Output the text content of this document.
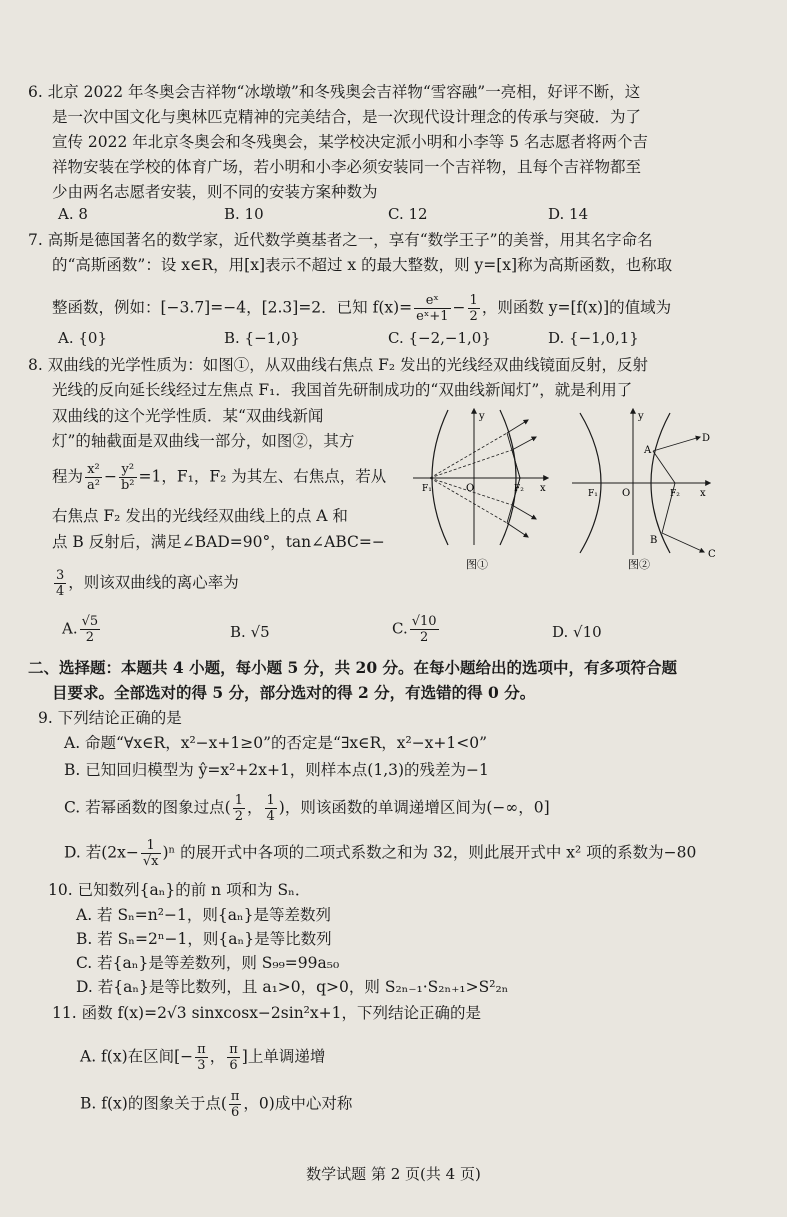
6. 北京 2022 年冬奥会吉祥物“冰墩墩”和冬残奥会吉祥物“雪容融”一亮相，好评不断，这
是一次中国文化与奥林匹克精神的完美结合，是一次现代设计理念的传承与突破．为了
宣传 2022 年北京冬奥会和冬残奥会，某学校决定派小明和小李等 5 名志愿者将两个吉
祥物安装在学校的体育广场，若小明和小李必须安装同一个吉祥物，且每个吉祥物都至
少由两名志愿者安装，则不同的安装方案种数为
A. 8	B. 10	C. 12	D. 14
7. 高斯是德国著名的数学家，近代数学奠基者之一，享有“数学王子”的美誉，用其名字命名
的“高斯函数”：设 x∈R，用[x]表示不超过 x 的最大整数，则 y=[x]称为高斯函数，也称取
整函数，例如：[−3.7]=−4，[2.3]=2．已知 $f(x)= \frac{\text{eˣ}}{\text{eˣ+1}} - \frac{1}{2}$ ，则函数 y=[f(x)]的值域为
A. {0}	B. {−1,0}	C. {−2,−1,0}	D. {−1,0,1}
8. 双曲线的光学性质为：如图①，从双曲线右焦点 F₂ 发出的光线经双曲线镜面反射，反射
光线的反向延长线经过左焦点 F₁．我国首先研制成功的“双曲线新闻灯”，就是利用了
双曲线的这个光学性质．某“双曲线新闻
灯”的轴截面是双曲线一部分，如图②，其方
程为 $\frac{\text{x²}}{\text{a²}} - \frac{\text{y²}}{\text{b²}} =1$，F₁，F₂ 为其左、右焦点，若从
右焦点 F₂ 发出的光线经双曲线上的点 A 和
点 B 反射后，满足∠BAD=90°，tan∠ABC=−
$\frac{3}{4}$ ，则该双曲线的离心率为
y
x
O
F₁	F₂
图①
y
x
O
F₁	F₂
A
B
C
D
图②
A. $\frac{√5}{2}$	B. √5	C. $\frac{√10}{2}$	D. √10
二、选择题：本题共 4 小题，每小题 5 分，共 20 分。在每小题给出的选项中，有多项符合题
目要求。全部选对的得 5 分，部分选对的得 2 分，有选错的得 0 分。
9. 下列结论正确的是
A. 命题“∀x∈R，x²−x+1≥0”的否定是“∃x∈R，x²−x+1<0”
B. 已知回归模型为 ŷ=x²+2x+1，则样本点(1,3)的残差为−1
C. 若幂函数的图象过点( $\frac{1}{2}$ ， $\frac{1}{4}$ )，则该函数的单调递增区间为(−∞，0]
D. 若$(2x- \frac{1}{√x} )^n$ 的展开式中各项的二项式系数之和为 32，则此展开式中 x² 项的系数为−80
10. 已知数列{aₙ}的前 n 项和为 Sₙ．
A. 若 Sₙ=n²−1，则{aₙ}是等差数列
B. 若 Sₙ=2ⁿ−1，则{aₙ}是等比数列
C. 若{aₙ}是等差数列，则 S₉₉=99a₅₀
D. 若{aₙ}是等比数列，且 a₁>0，q>0，则 S₂ₙ₋₁·S₂ₙ₊₁>S²₂ₙ
11. 函数 f(x)=2√3 sinxcosx−2sin²x+1，下列结论正确的是
A. f(x)在区间[− $\frac{\pi}{3}$ ， $\frac{\pi}{6}$ ]上单调递增
B. f(x)的图象关于点( $\frac{\pi}{6}$ ，0)成中心对称
数学试题 第 2 页(共 4 页)
